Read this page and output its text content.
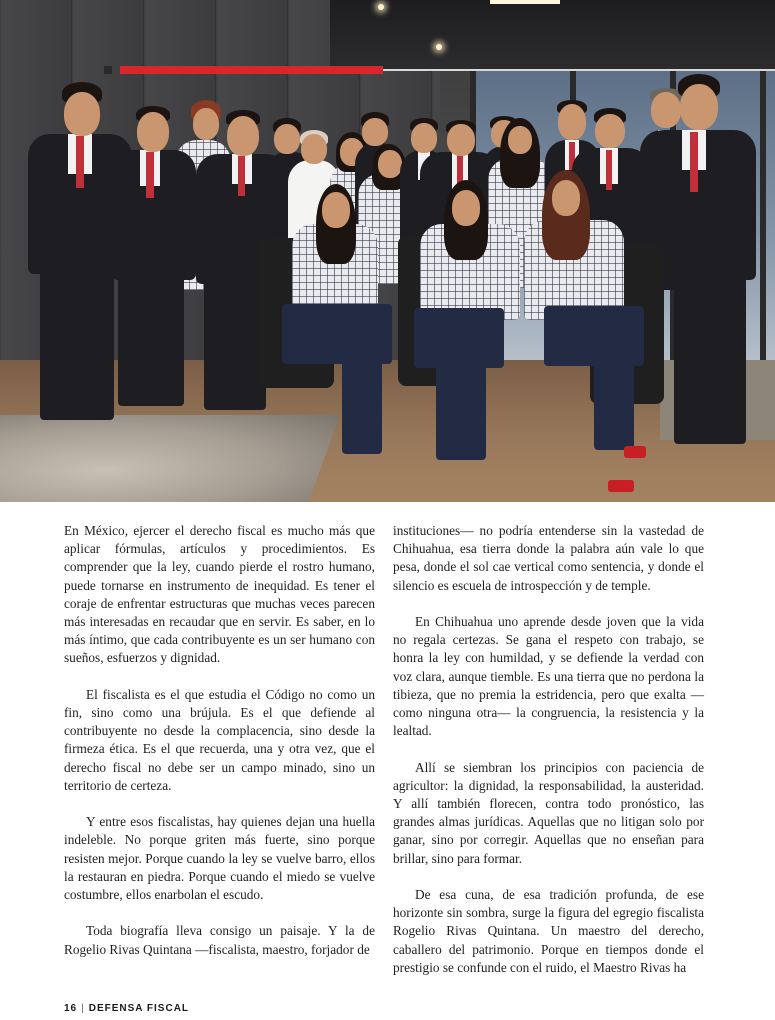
En México, ejercer el derecho fiscal es mucho más que aplicar fórmulas, artículos y procedimientos. Es comprender que la ley, cuando pierde el rostro humano, puede tornarse en instrumento de inequidad. Es tener el coraje de enfrentar estructuras que muchas veces parecen más interesadas en recaudar que en servir. Es saber, en lo más íntimo, que cada contribuyente es un ser humano con sueños, esfuerzos y dignidad.

El fiscalista es el que estudia el Código no como un fin, sino como una brújula. Es el que defiende al contribuyente no desde la complacencia, sino desde la firmeza ética. Es el que recuerda, una y otra vez, que el derecho fiscal no debe ser un campo minado, sino un territorio de certeza.

Y entre esos fiscalistas, hay quienes dejan una huella indeleble. No porque griten más fuerte, sino porque resisten mejor. Porque cuando la ley se vuelve barro, ellos la restauran en piedra. Porque cuando el miedo se vuelve costumbre, ellos enarbolan el escudo.

Toda biografía lleva consigo un paisaje. Y la de Rogelio Rivas Quintana —fiscalista, maestro, forjador de

instituciones— no podría entenderse sin la vastedad de Chihuahua, esa tierra donde la palabra aún vale lo que pesa, donde el sol cae vertical como sentencia, y donde el silencio es escuela de introspección y de temple.

En Chihuahua uno aprende desde joven que la vida no regala certezas. Se gana el respeto con trabajo, se honra la ley con humildad, y se defiende la verdad con voz clara, aunque tiemble. Es una tierra que no perdona la tibieza, que no premia la estridencia, pero que exalta —como ninguna otra— la congruencia, la resistencia y la lealtad.

Allí se siembran los principios con paciencia de agricultor: la dignidad, la responsabilidad, la austeridad. Y allí también florecen, contra todo pronóstico, las grandes almas jurídicas. Aquellas que no litigan solo por ganar, sino por corregir. Aquellas que no enseñan para brillar, sino para formar.

De esa cuna, de esa tradición profunda, de ese horizonte sin sombra, surge la figura del egregio fiscalista Rogelio Rivas Quintana. Un maestro del derecho, caballero del patrimonio. Porque en tiempos donde el prestigio se confunde con el ruido, el Maestro Rivas ha

16 | DEFENSA FISCAL
